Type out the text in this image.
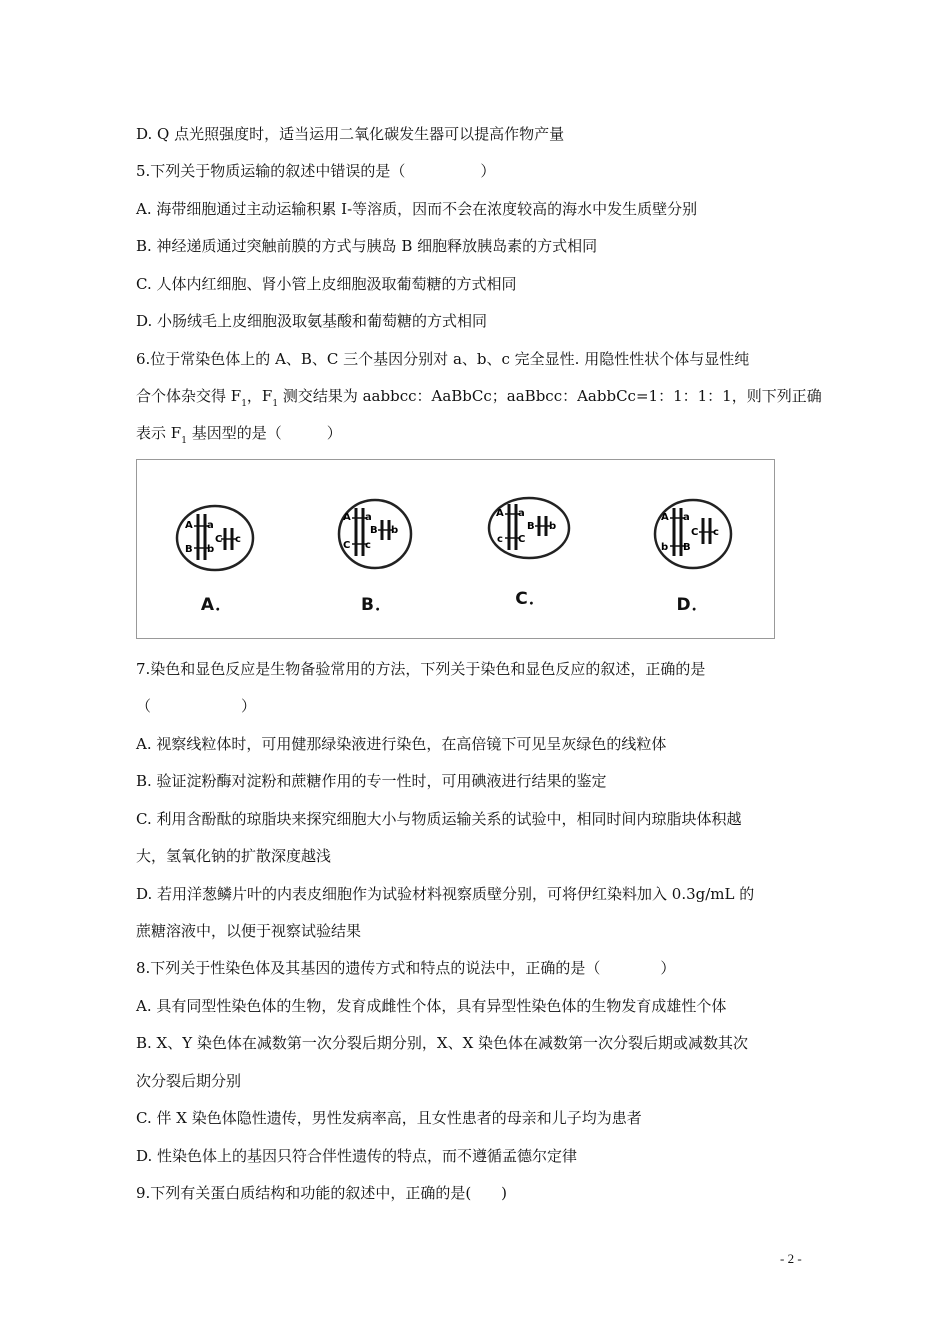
D. Q 点光照强度时，适当运用二氧化碳发生器可以提高作物产量
5.下列关于物质运输的叙述中错误的是（　　　　　）
A. 海带细胞通过主动运输积累 I-等溶质，因而不会在浓度较高的海水中发生质壁分别
B. 神经递质通过突触前膜的方式与胰岛 B 细胞释放胰岛素的方式相同
C. 人体内红细胞、肾小管上皮细胞汲取葡萄糖的方式相同
D. 小肠绒毛上皮细胞汲取氨基酸和葡萄糖的方式相同
6.位于常染色体上的 A、B、C 三个基因分别对 a、b、c 完全显性. 用隐性性状个体与显性纯
合个体杂交得 $F_1$，$F_1$ 测交结果为 aabbcc：AaBbCc；aaBbcc：AabbCc=1：1：1：1，则下列正确
表示 $F_1$ 基因型的是（　　　）
A a
B b
C c
A．
A a
C c
B b
B．
A a
c C
B b
C．
A a
b B
C c
D．
7.染色和显色反应是生物备验常用的方法，下列关于染色和显色反应的叙述，正确的是
（　　　　　　）
A. 视察线粒体时，可用健那绿染液进行染色，在高倍镜下可见呈灰绿色的线粒体
B. 验证淀粉酶对淀粉和蔗糖作用的专一性时，可用碘液进行结果的鉴定
C. 利用含酚酞的琼脂块来探究细胞大小与物质运输关系的试验中，相同时间内琼脂块体积越
大，氢氧化钠的扩散深度越浅
D. 若用洋葱鳞片叶的内表皮细胞作为试验材料视察质壁分别，可将伊红染料加入 0.3g/mL 的
蔗糖溶液中，以便于视察试验结果
8.下列关于性染色体及其基因的遗传方式和特点的说法中，正确的是（　　　　）
A. 具有同型性染色体的生物，发育成雌性个体，具有异型性染色体的生物发育成雄性个体
B. X、Y 染色体在减数第一次分裂后期分别，X、X 染色体在减数第一次分裂后期或减数其次
次分裂后期分别
C. 伴 X 染色体隐性遗传，男性发病率高，且女性患者的母亲和儿子均为患者
D. 性染色体上的基因只符合伴性遗传的特点，而不遵循孟德尔定律
9.下列有关蛋白质结构和功能的叙述中，正确的是(　　)
- 2 -
